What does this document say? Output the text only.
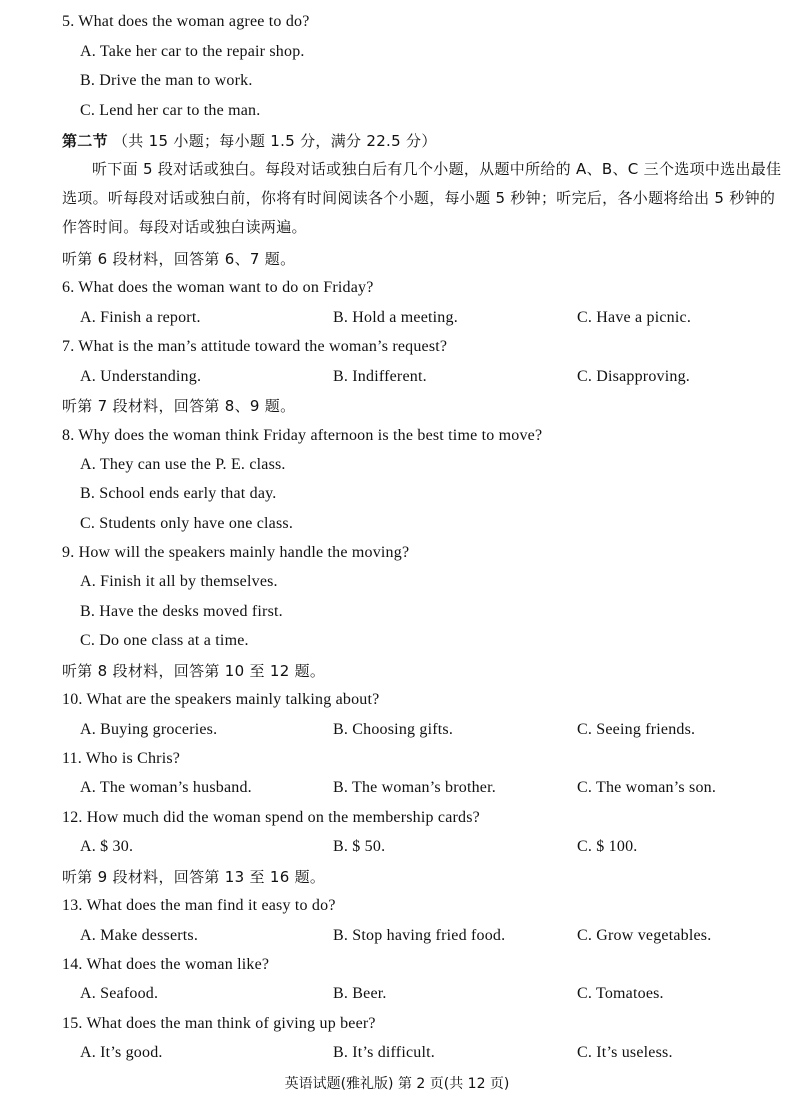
5. What does the woman agree to do?
A. Take her car to the repair shop.
B. Drive the man to work.
C. Lend her car to the man.
第二节 （共 15 小题；每小题 1.5 分，满分 22.5 分）
听下面 5 段对话或独白。每段对话或独白后有几个小题，从题中所给的 A、B、C 三个选项中选出最佳选项。听每段对话或独白前，你将有时间阅读各个小题，每小题 5 秒钟；听完后，各小题将给出 5 秒钟的作答时间。每段对话或独白读两遍。
听第 6 段材料，回答第 6、7 题。
6. What does the woman want to do on Friday?
A. Finish a report.	B. Hold a meeting.	C. Have a picnic.
7. What is the man’s attitude toward the woman’s request?
A. Understanding.	B. Indifferent.	C. Disapproving.
听第 7 段材料，回答第 8、9 题。
8. Why does the woman think Friday afternoon is the best time to move?
A. They can use the P. E. class.
B. School ends early that day.
C. Students only have one class.
9. How will the speakers mainly handle the moving?
A. Finish it all by themselves.
B. Have the desks moved first.
C. Do one class at a time.
听第 8 段材料，回答第 10 至 12 题。
10. What are the speakers mainly talking about?
A. Buying groceries.	B. Choosing gifts.	C. Seeing friends.
11. Who is Chris?
A. The woman’s husband.	B. The woman’s brother.	C. The woman’s son.
12. How much did the woman spend on the membership cards?
A. $ 30.	B. $ 50.	C. $ 100.
听第 9 段材料，回答第 13 至 16 题。
13. What does the man find it easy to do?
A. Make desserts.	B. Stop having fried food.	C. Grow vegetables.
14. What does the woman like?
A. Seafood.	B. Beer.	C. Tomatoes.
15. What does the man think of giving up beer?
A. It’s good.	B. It’s difficult.	C. It’s useless.
英语试题(雅礼版) 第 2 页(共 12 页)
